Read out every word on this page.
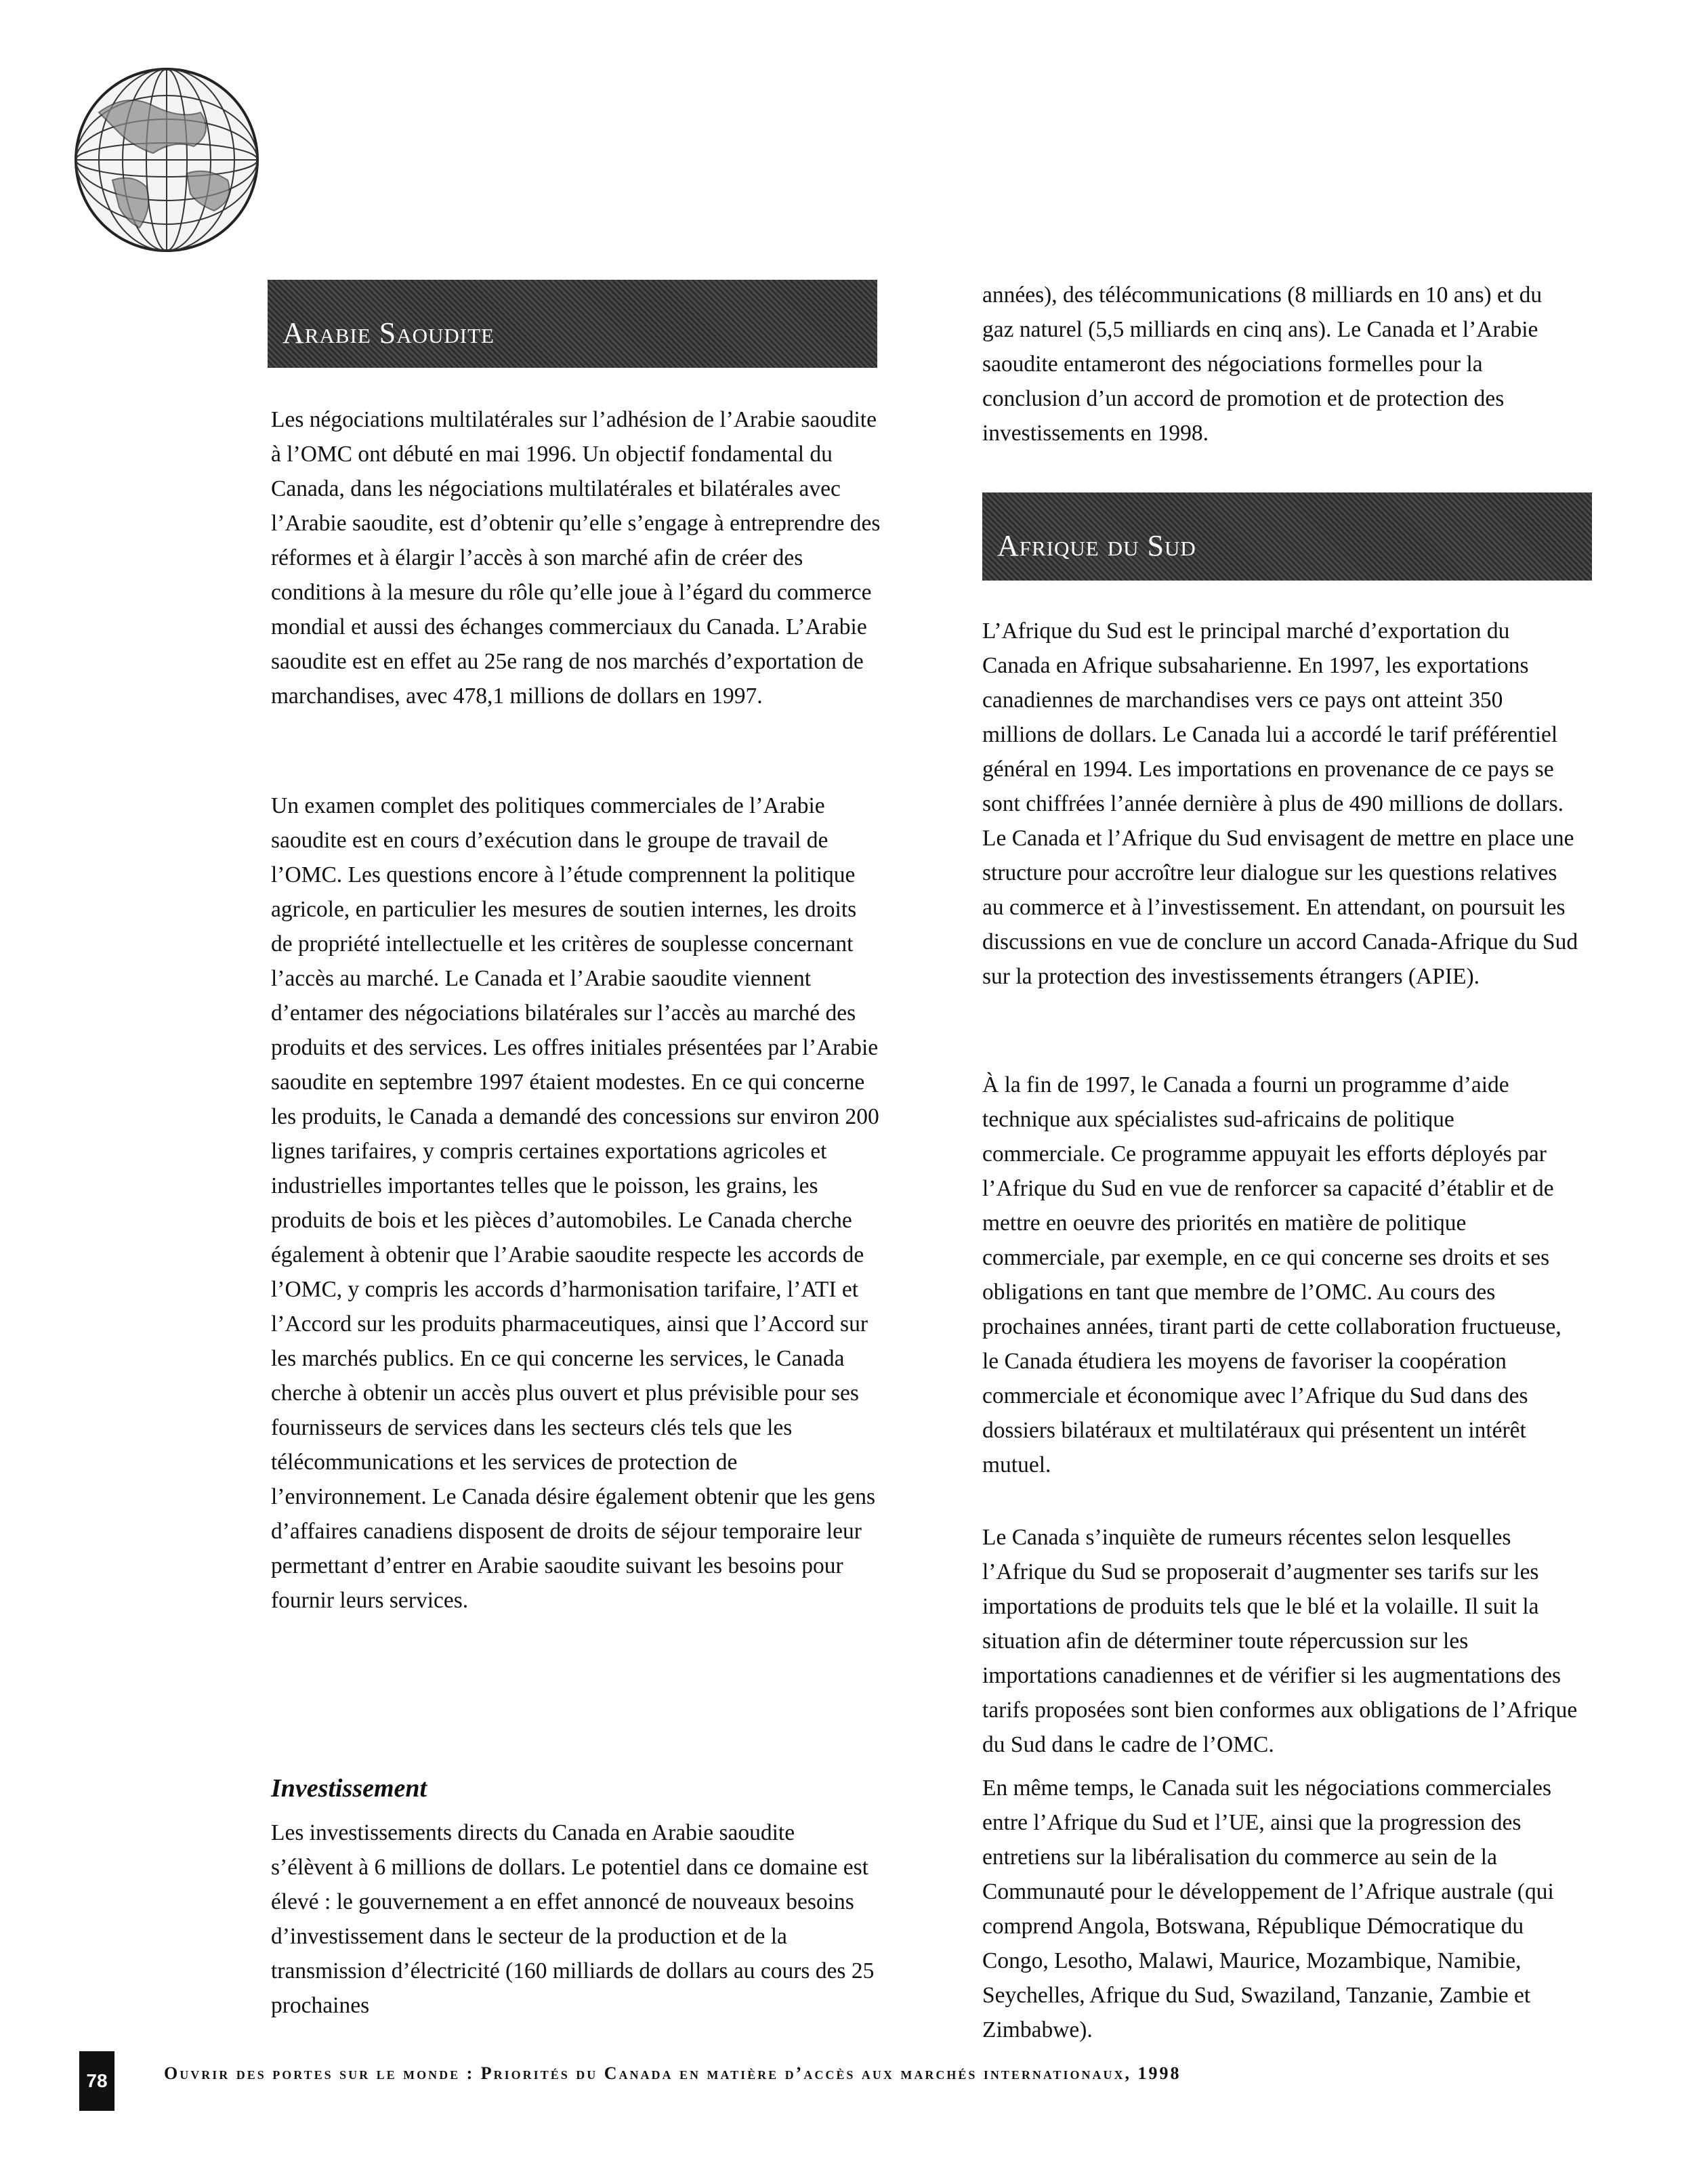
Arabie Saoudite

Les négociations multilatérales sur l’adhésion de l’Arabie saoudite à l’OMC ont débuté en mai 1996. Un objectif fondamental du Canada, dans les négociations multilatérales et bilatérales avec l’Arabie saoudite, est d’obtenir qu’elle s’engage à entreprendre des réformes et à élargir l’accès à son marché afin de créer des conditions à la mesure du rôle qu’elle joue à l’égard du commerce mondial et aussi des échanges commerciaux du Canada. L’Arabie saoudite est en effet au 25e rang de nos marchés d’exportation de marchandises, avec 478,1 millions de dollars en 1997.

Un examen complet des politiques commerciales de l’Arabie saoudite est en cours d’exécution dans le groupe de travail de l’OMC. Les questions encore à l’étude comprennent la politique agricole, en particulier les mesures de soutien internes, les droits de propriété intellectuelle et les critères de souplesse concernant l’accès au marché. Le Canada et l’Arabie saoudite viennent d’entamer des négociations bilatérales sur l’accès au marché des produits et des services. Les offres initiales présentées par l’Arabie saoudite en septembre 1997 étaient modestes. En ce qui concerne les produits, le Canada a demandé des concessions sur environ 200 lignes tarifaires, y compris certaines exportations agricoles et industrielles importantes telles que le poisson, les grains, les produits de bois et les pièces d’automobiles. Le Canada cherche également à obtenir que l’Arabie saoudite respecte les accords de l’OMC, y compris les accords d’harmonisation tarifaire, l’ATI et l’Accord sur les produits pharmaceutiques, ainsi que l’Accord sur les marchés publics. En ce qui concerne les services, le Canada cherche à obtenir un accès plus ouvert et plus prévisible pour ses fournisseurs de services dans les secteurs clés tels que les télécommunications et les services de protection de l’environnement. Le Canada désire également obtenir que les gens d’affaires canadiens disposent de droits de séjour temporaire leur permettant d’entrer en Arabie saoudite suivant les besoins pour fournir leurs services.

Investissement

Les investissements directs du Canada en Arabie saoudite s’élèvent à 6 millions de dollars. Le potentiel dans ce domaine est élevé : le gouvernement a en effet annoncé de nouveaux besoins d’investissement dans le secteur de la production et de la transmission d’électricité (160 milliards de dollars au cours des 25 prochaines

années), des télécommunications (8 milliards en 10 ans) et du gaz naturel (5,5 milliards en cinq ans). Le Canada et l’Arabie saoudite entameront des négociations formelles pour la conclusion d’un accord de promotion et de protection des investissements en 1998.

Afrique du Sud

L’Afrique du Sud est le principal marché d’exportation du Canada en Afrique subsaharienne. En 1997, les exportations canadiennes de marchandises vers ce pays ont atteint 350 millions de dollars. Le Canada lui a accordé le tarif préférentiel général en 1994. Les importations en provenance de ce pays se sont chiffrées l’année dernière à plus de 490 millions de dollars. Le Canada et l’Afrique du Sud envisagent de mettre en place une structure pour accroître leur dialogue sur les questions relatives au commerce et à l’investissement. En attendant, on poursuit les discussions en vue de conclure un accord Canada-Afrique du Sud sur la protection des investissements étrangers (APIE).

À la fin de 1997, le Canada a fourni un programme d’aide technique aux spécialistes sud-africains de politique commerciale. Ce programme appuyait les efforts déployés par l’Afrique du Sud en vue de renforcer sa capacité d’établir et de mettre en oeuvre des priorités en matière de politique commerciale, par exemple, en ce qui concerne ses droits et ses obligations en tant que membre de l’OMC. Au cours des prochaines années, tirant parti de cette collaboration fructueuse, le Canada étudiera les moyens de favoriser la coopération commerciale et économique avec l’Afrique du Sud dans des dossiers bilatéraux et multilatéraux qui présentent un intérêt mutuel.

Le Canada s’inquiète de rumeurs récentes selon lesquelles l’Afrique du Sud se proposerait d’augmenter ses tarifs sur les importations de produits tels que le blé et la volaille. Il suit la situation afin de déterminer toute répercussion sur les importations canadiennes et de vérifier si les augmentations des tarifs proposées sont bien conformes aux obligations de l’Afrique du Sud dans le cadre de l’OMC.

En même temps, le Canada suit les négociations commerciales entre l’Afrique du Sud et l’UE, ainsi que la progression des entretiens sur la libéralisation du commerce au sein de la Communauté pour le développement de l’Afrique australe (qui comprend Angola, Botswana, République Démocratique du Congo, Lesotho, Malawi, Maurice, Mozambique, Namibie, Seychelles, Afrique du Sud, Swaziland, Tanzanie, Zambie et Zimbabwe).

78	Ouvrir des portes sur le monde : Priorités du Canada en matière d’accès aux marchés internationaux, 1998
